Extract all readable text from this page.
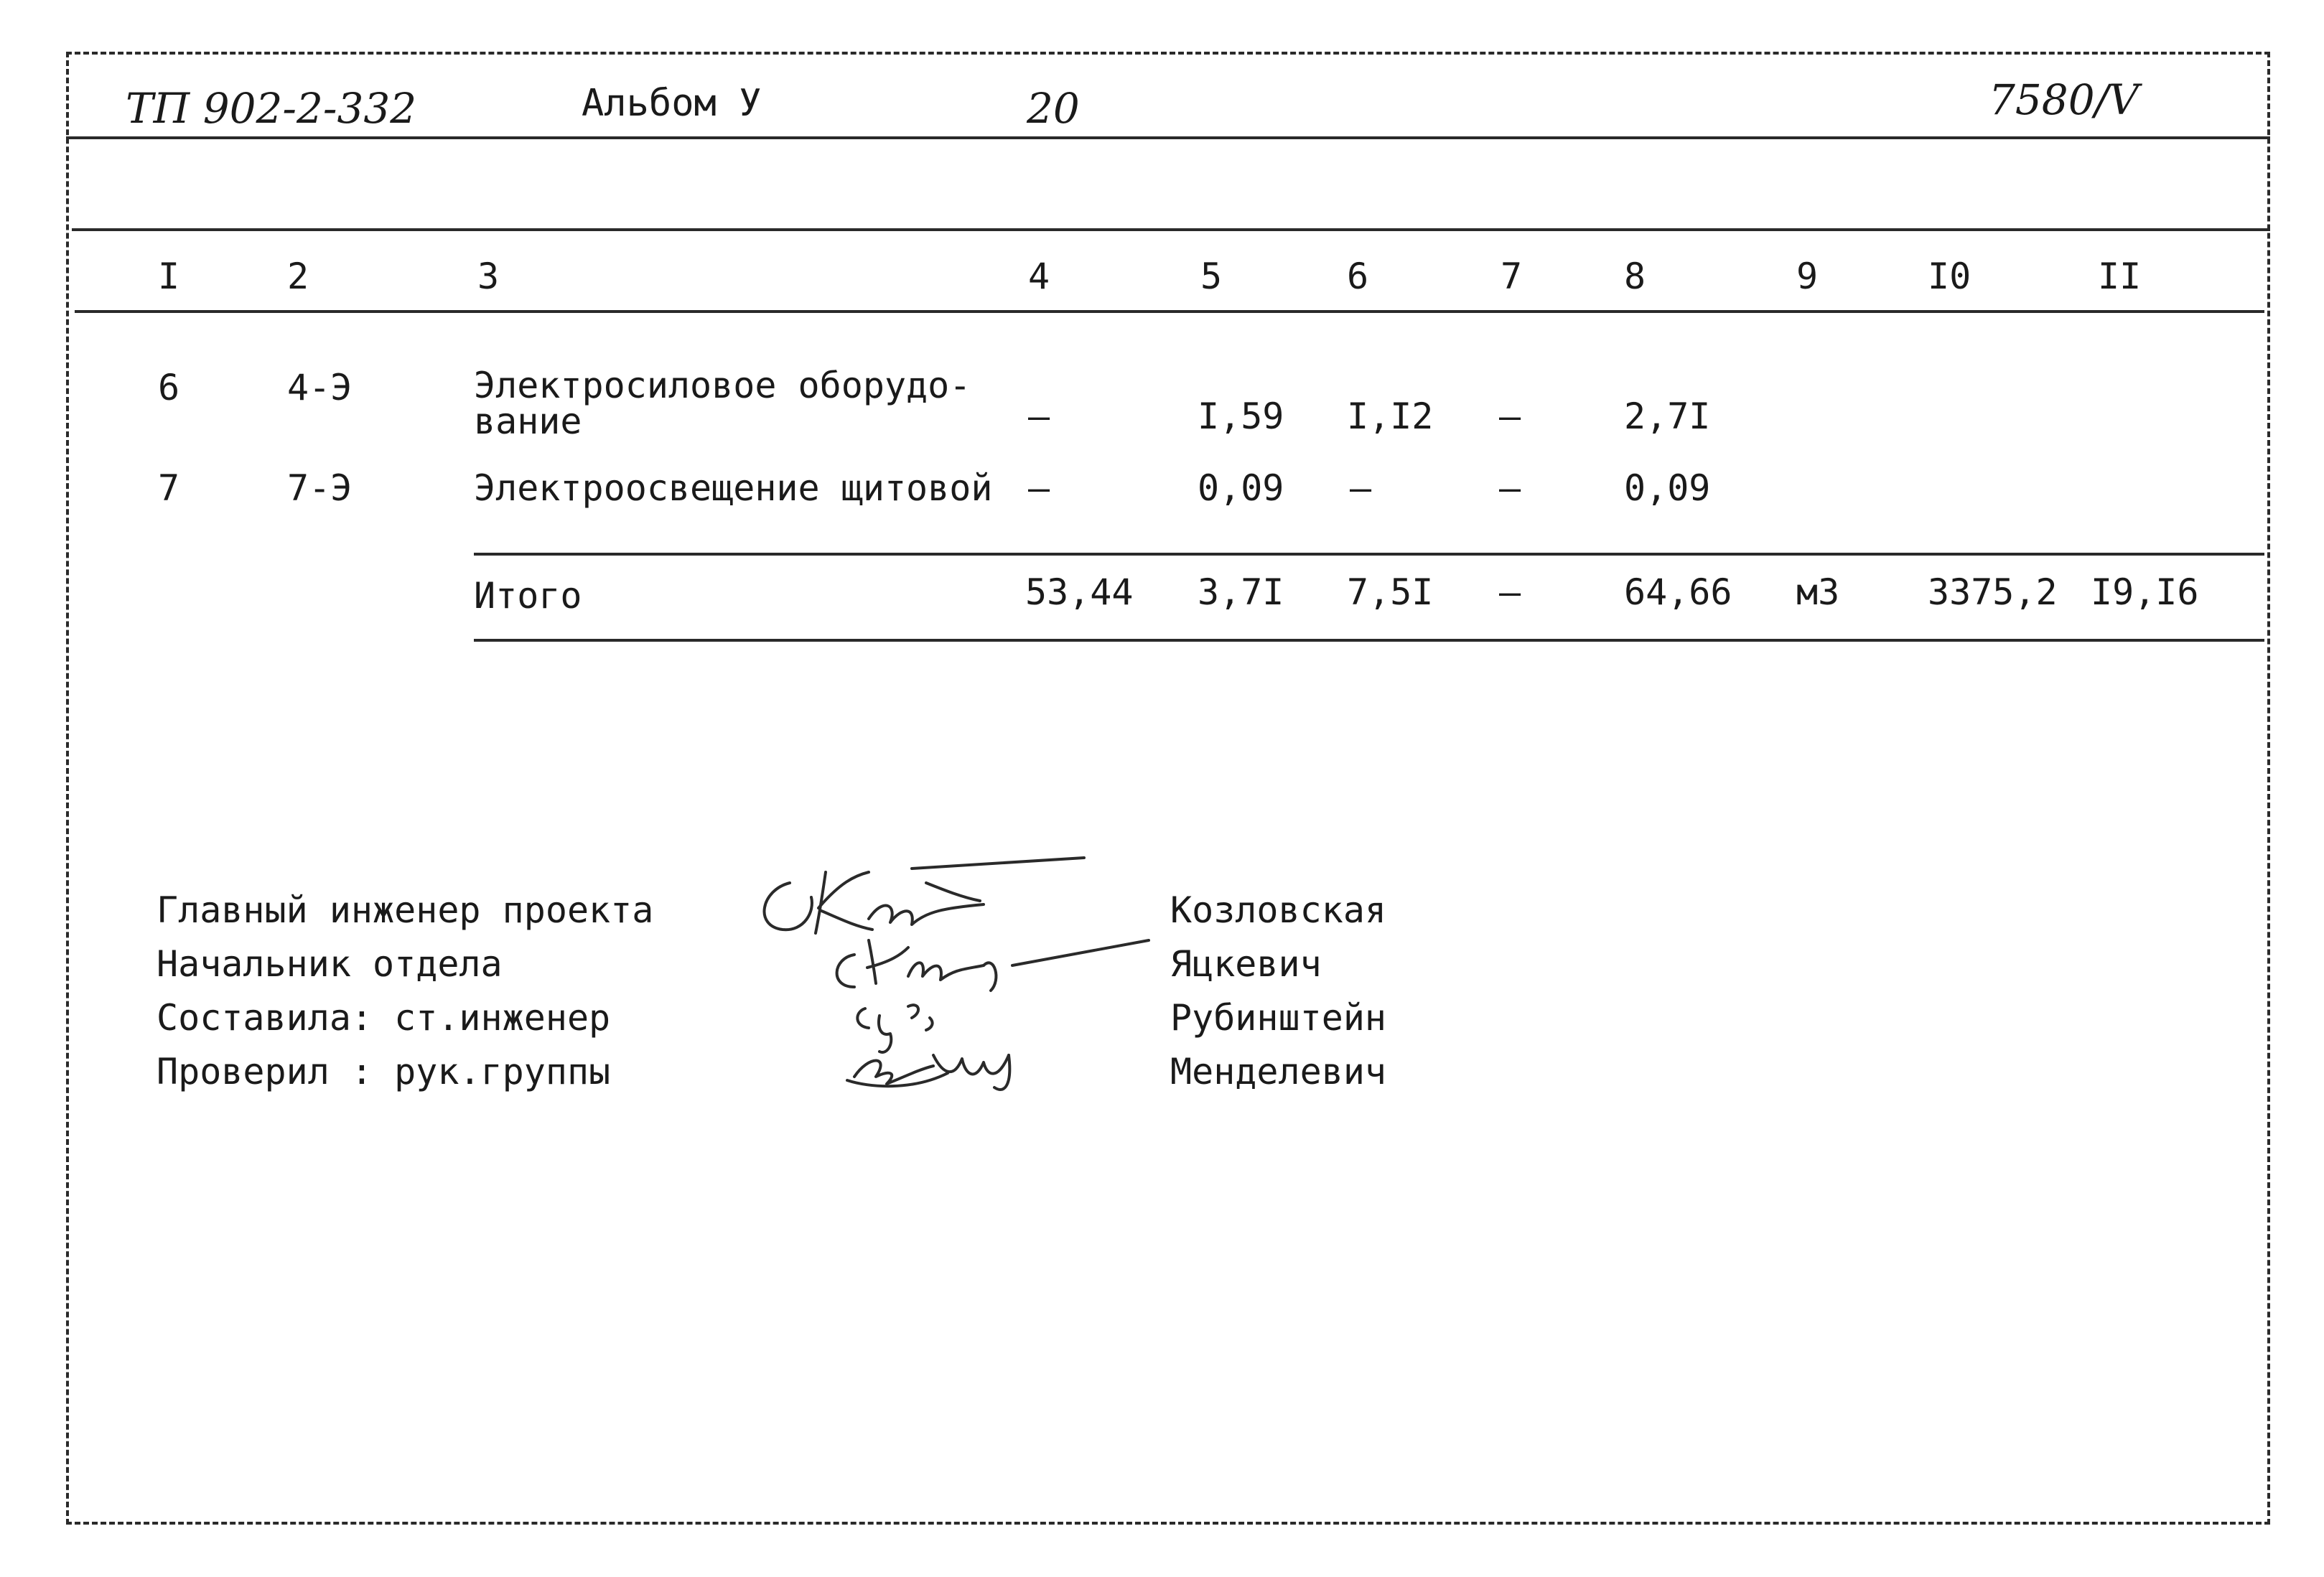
ТП 902-2-332	Альбом У	20	7580/V
I	2	3	4	5	6	7	8	9	I0	II
6	4-Э	Электросиловое оборудо-
вание	–	I,59 I,I2 –	2,7I
7	7-Э	Электроосвещение щитовой –	0,09 –	–	0,09
Итого	53,44 3,7I 7,5I –	64,66 м3 3375,2 I9,I6
Главный инженер проекта
Начальник отдела
Составила: ст.инженер
Проверил : рук.группы
Козловская
Яцкевич
Рубинштейн
Менделевич
